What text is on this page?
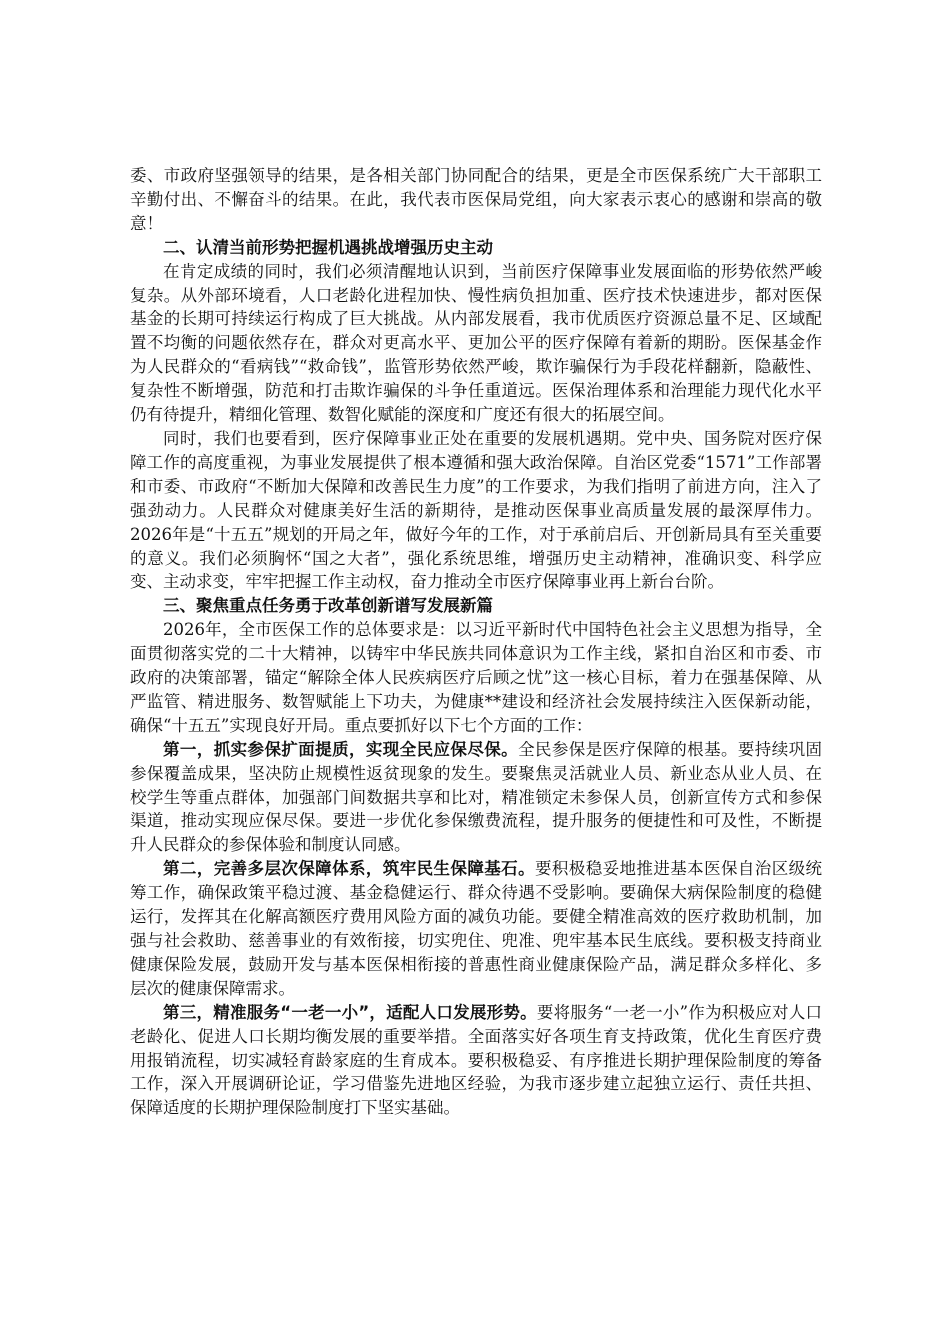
委、市政府坚强领导的结果，是各相关部门协同配合的结果，更是全市医保系统广大干部职工辛勤付出、不懈奋斗的结果。在此，我代表市医保局党组，向大家表示衷心的感谢和崇高的敬意！

二、认清当前形势把握机遇挑战增强历史主动

在肯定成绩的同时，我们必须清醒地认识到，当前医疗保障事业发展面临的形势依然严峻复杂。从外部环境看，人口老龄化进程加快、慢性病负担加重、医疗技术快速进步，都对医保基金的长期可持续运行构成了巨大挑战。从内部发展看，我市优质医疗资源总量不足、区域配置不均衡的问题依然存在，群众对更高水平、更加公平的医疗保障有着新的期盼。医保基金作为人民群众的“看病钱”“救命钱”，监管形势依然严峻，欺诈骗保行为手段花样翻新，隐蔽性、复杂性不断增强，防范和打击欺诈骗保的斗争任重道远。医保治理体系和治理能力现代化水平仍有待提升，精细化管理、数智化赋能的深度和广度还有很大的拓展空间。

同时，我们也要看到，医疗保障事业正处在重要的发展机遇期。党中央、国务院对医疗保障工作的高度重视，为事业发展提供了根本遵循和强大政治保障。自治区党委“1571”工作部署和市委、市政府“不断加大保障和改善民生力度”的工作要求，为我们指明了前进方向，注入了强劲动力。人民群众对健康美好生活的新期待，是推动医保事业高质量发展的最深厚伟力。2026年是“十五五”规划的开局之年，做好今年的工作，对于承前启后、开创新局具有至关重要的意义。我们必须胸怀“国之大者”，强化系统思维，增强历史主动精神，准确识变、科学应变、主动求变，牢牢把握工作主动权，奋力推动全市医疗保障事业再上新台台阶。

三、聚焦重点任务勇于改革创新谱写发展新篇

2026年，全市医保工作的总体要求是：以习近平新时代中国特色社会主义思想为指导，全面贯彻落实党的二十大精神，以铸牢中华民族共同体意识为工作主线，紧扣自治区和市委、市政府的决策部署，锚定“解除全体人民疾病医疗后顾之忧”这一核心目标，着力在强基保障、从严监管、精进服务、数智赋能上下功夫，为健康**建设和经济社会发展持续注入医保新动能，确保“十五五”实现良好开局。重点要抓好以下七个方面的工作：

第一，抓实参保扩面提质，实现全民应保尽保。全民参保是医疗保障的根基。要持续巩固参保覆盖成果，坚决防止规模性返贫现象的发生。要聚焦灵活就业人员、新业态从业人员、在校学生等重点群体，加强部门间数据共享和比对，精准锁定未参保人员，创新宣传方式和参保渠道，推动实现应保尽保。要进一步优化参保缴费流程，提升服务的便捷性和可及性，不断提升人民群众的参保体验和制度认同感。

第二，完善多层次保障体系，筑牢民生保障基石。要积极稳妥地推进基本医保自治区级统筹工作，确保政策平稳过渡、基金稳健运行、群众待遇不受影响。要确保大病保险制度的稳健运行，发挥其在化解高额医疗费用风险方面的减负功能。要健全精准高效的医疗救助机制，加强与社会救助、慈善事业的有效衔接，切实兜住、兜准、兜牢基本民生底线。要积极支持商业健康保险发展，鼓励开发与基本医保相衔接的普惠性商业健康保险产品，满足群众多样化、多层次的健康保障需求。

第三，精准服务“一老一小”，适配人口发展形势。要将服务“一老一小”作为积极应对人口老龄化、促进人口长期均衡发展的重要举措。全面落实好各项生育支持政策，优化生育医疗费用报销流程，切实减轻育龄家庭的生育成本。要积极稳妥、有序推进长期护理保险制度的筹备工作，深入开展调研论证，学习借鉴先进地区经验，为我市逐步建立起独立运行、责任共担、保障适度的长期护理保险制度打下坚实基础。
